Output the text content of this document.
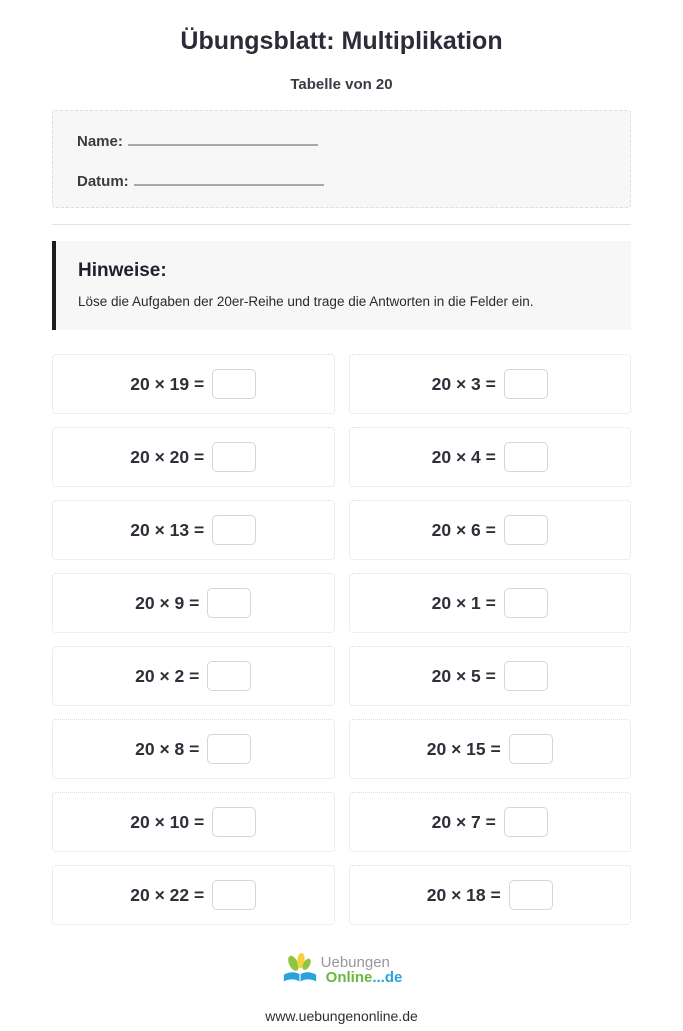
Übungsblatt: Multiplikation
Tabelle von 20
Name:
Datum:
Hinweise:

Löse die Aufgaben der 20er-Reihe und trage die Antworten in die Felder ein.

20 × 19 =	20 × 3 =
20 × 20 =	20 × 4 =
20 × 13 =	20 × 6 =
20 × 9 =	20 × 1 =
20 × 2 =	20 × 5 =
20 × 8 =	20 × 15 =
20 × 10 =	20 × 7 =
20 × 22 =	20 × 18 =
Uebungen
Online...de
www.uebungenonline.de
